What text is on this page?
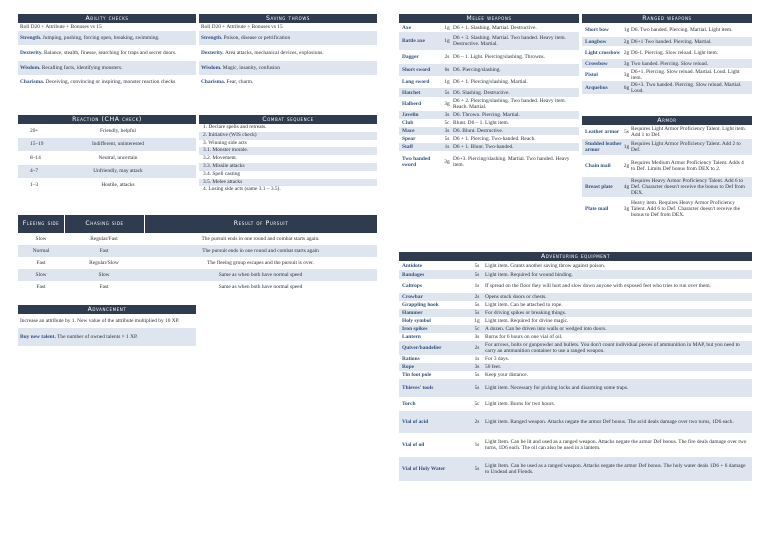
Ability checks
Roll D20 + Attribute + Bonuses vs 15
Strength. Jumping, pushing, forcing open, breaking, swimming.
Dexterity. Balance, stealth, finesse, searching for traps and secret doors.
Wisdom. Recalling facts, identifying monsters.
Charisma. Deceiving, convincing or inspiring, monster reaction checks
Saving throws
Roll D20 + Attribute + Bonuses vs 15
Strength. Poison, disease or petrification
Dexterity. Area attacks, mechanical devices, explosions.
Wisdom. Magic, insanity, confusion
Charisma. Fear, charm.
Reaction (CHA check)
20+	Friendly, helpful
15–19	Indifferent, uninterested
8–14	Neutral, uncertain
4–7	Unfriendly, may attack
1–3	Hostile, attacks
Combat sequence
1. Declare spells and retreats.
2. Initiative (WIS check)
3. Winning side acts
3.1. Monster morale.
3.2. Movement.
3.3. Missile attacks
3.4. Spell casting
3.5. Melee attacks
4. Losing side acts (same 3.1 – 3.5).
Fleeing side	Chasing side	Result of Pursuit
Slow	Regular/Fast	The pursuit ends in one round and combat starts again.
Normal	Fast	The pursuit ends in one round and combat starts again
Fast	Regular/Slow	The fleeing group escapes and the pursuit is over.
Slow	Slow	Same as when both have normal speed
Fast	Fast	Same as when both have normal speed
Advancement
Increase an attribute by 1. New value of the attribute multiplied by 10 XP.
Buy new talent. The number of owned talents × 1 XP.
Melee weapons
Axe	1g D6 + 1. Slashing. Martial. Destructive.
Battle axe	1g D6 + 3. Slashing. Martial. Two handed. Heavy item. Destructive. Martial.
Dagger	2s D6 – 1. Light. Piercing/slashing. Throwns.
Short sword	6s D6. Piercing/slashing.
Long sword	1g D6 + 1. Piercing/slashing. Martial.
Hatchet	5s D6. Slashing. Destructive.
Halberd	3g D6 + 2. Piercing/slashing. Two handed. Heavy item. Reach. Martial.
Javelin	3s D6. Thrown. Piercing. Martial.
Club	5c Blunt. D6 – 1. Light item.
Mace	3s D6. Blunt. Destructive.
Spear	5s D6 + 1. Piercing. Two-handed. Reach.
Staff	1s D6 + 1. Blunt. Two-handed.
Two handed sword	3g D6+3. Piercing/slashing. Martial. Two handed. Heavy item.
Ranged weapons
Short bow	1g D6. Two handed. Piercing. Martial. Light item.
Longbow	2g D6+1 Two handed. Piercing. Martial.
Light crossbow 2g D6-1. Piercing. Slow reload. Light item.
Crossbow	3g Two handed. Piercing. Slow reload.
Pistol	3g D6+1. Piercing. Slow reload. Martial. Loud. Light item.
Arquebus	6g D6+3. Two handed. Piercing. Slow reload. Martial. Loud.
Armor
Leather armor 5s Requires Light Armor Proficiency Talent. Light item. Add 1 to Def.
Studded leather armor	1g Requires Light Armor Proficiency Talent. Add 2 to Def.
Chain mail	2g Requires Medium Armor Proficiency Talent. Adds 4 to Def. Limits Def bonus from DEX to 2.
Breast plate	4g
Requires Heavy Armor Proficiency Talent. Add 6 to Def. Character doesn't receive the bonus to Def from DEX.
Plate mail	3g
Heavy item. Requires Heavy Armor Proficiency Talent. Add 6 to Def. Character doesn't receive the bonus to Def from DEX.
Adventuring equipment
Antidote	5s	Light item. Grants another saving throw against poison.
Bandages	5s	Light item. Required for wound binding.
Caltrops	1s	If spread on the floor they will hurt and slow down anyone with exposed feet who tries to run over them.
Crowbar	2s	Opens stuck doors or chests.
Grappling hook	5s	Light item. Can be attached to rope.
Hammer	5s	For driving spikes or breaking things.
Holy symbol	1g Light item. Required for divine magic.
Iron spikes	5c	A dozen. Can be driven into walls or wedged into doors.
Lantern	3s	Burns for 6 hours on one vial of oil.
Quiver/bandelier	2s	For arrows, bolts or gunpowder and bullets. You don't count individual pieces of ammunition in MAP, but you need to carry an ammunition container to use a ranged weapon.
Rations	1s	For 3 days.
Rope	3s	50 feet.
Tin foot pole	5s	Keep your distance.
Thieves' tools	5s	Light item. Necessary for picking locks and disarming some traps.
Torch	5c	Light item. Burns for two hours.
Vial of acid	2s	Light item. Ranged weapon. Attacks negate the armor Def bonus. The acid deals damage over two turns, 1D6 each.
Vial of oil	1s	Light Item. Can be lit and used as a ranged weapon. Attacks negate the armor Def bonus. The fire deals damage over two turns, 1D6 each. The oil can also be used in a lantern.
Vial of Holy Water	5s	Light Item. Can be used as a ranged weapon. Attacks negate the armor Def bonus. The holy water deals 1D6 + 6 damage to Undead and Fiends.
